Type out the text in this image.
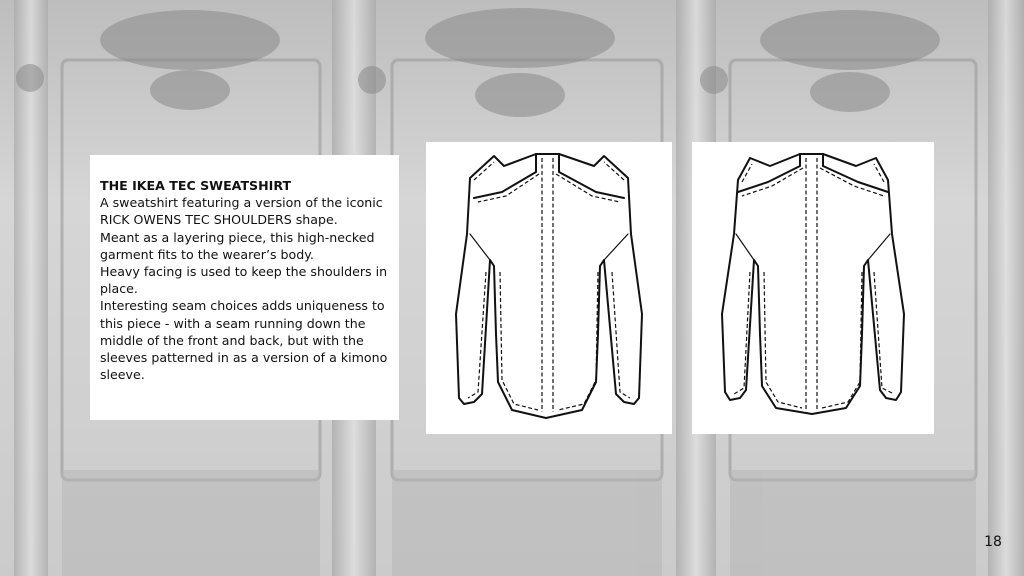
THE IKEA TEC SWEATSHIRT
A sweatshirt featuring a version of the iconic RICK OWENS TEC SHOULDERS shape.
Meant as a layering piece, this high-necked garment fits to the wearer’s body.
Heavy facing is used to keep the shoulders in place.
Interesting seam choices adds uniqueness to this piece - with a seam running down the middle of the front and back, but with the sleeves patterned in as a version of a kimono sleeve.
18
